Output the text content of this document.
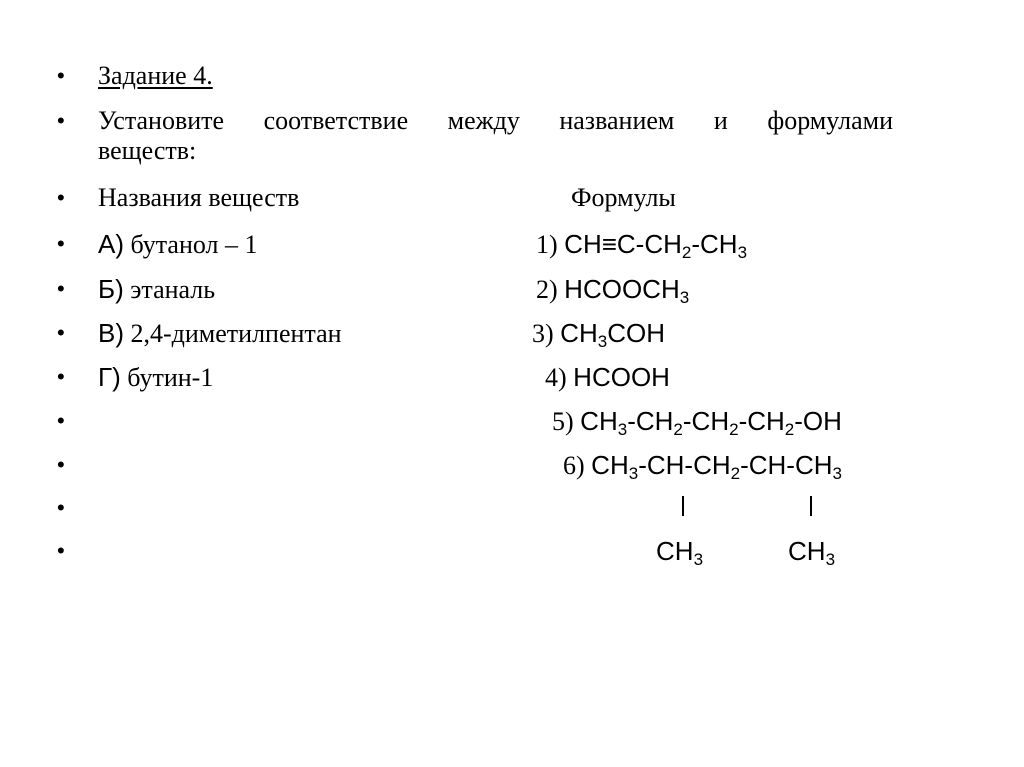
• Задание 4.
• Установите соответствие между названием и формулами
веществ:
• Названия веществ	Формулы
• А) бутанол – 1	1) $CH\equiv C-CH_2-CH_3$
• Б) этаналь	2) $HCOOCH_3$
• В) 2,4-диметилпентан	3) $CH_3COH$
• Г) бутин-1	4) HCOOH
•	5) $CH_3-CH_2-CH_2-CH_2-OH$
•	6) $CH_3-CH-CH_2-CH-CH_3$
•
•	$CH_3$	$CH_3$
